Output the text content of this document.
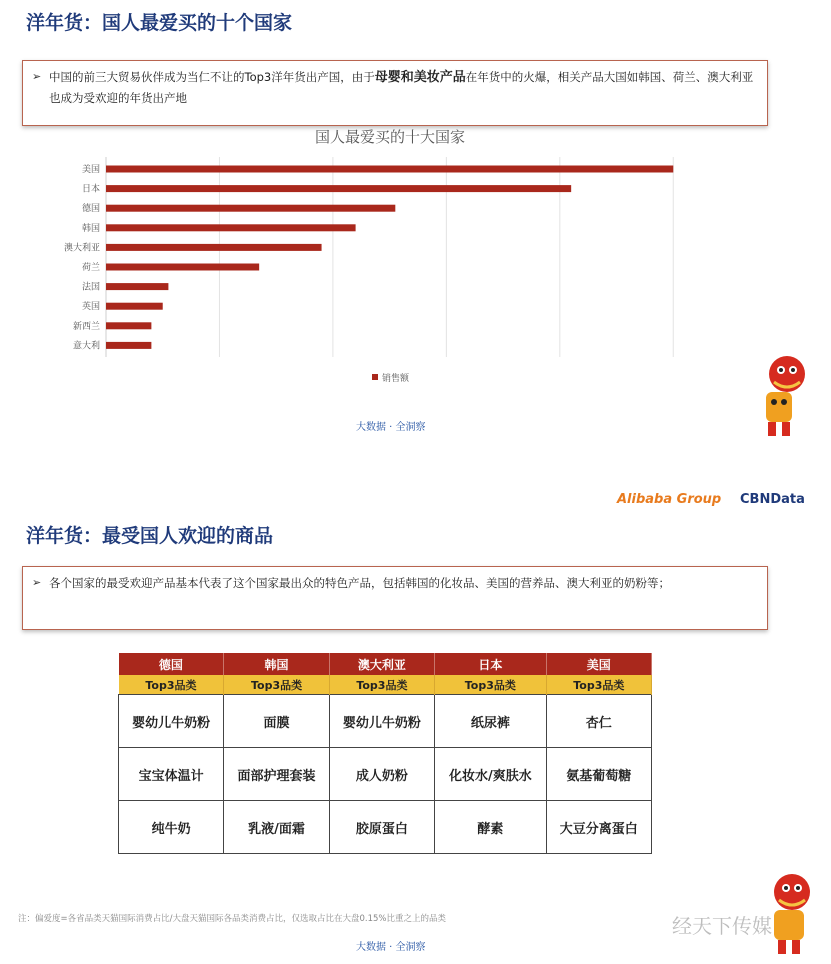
洋年货：国人最爱买的十个国家
➢ 中国的前三大贸易伙伴成为当仁不让的Top3洋年货出产国，由于母婴和美妆产品在年货中的火爆，相关产品大国如韩国、荷兰、澳大利亚也成为受欢迎的年货出产地
国人最爱买的十大国家
美国
日本
德国
韩国
澳大利亚
荷兰
法国
英国
新西兰
意大利
销售额
大数据 · 全洞察
Alibaba Group CBNData
洋年货：最受国人欢迎的商品
➢ 各个国家的最受欢迎产品基本代表了这个国家最出众的特色产品，包括韩国的化妆品、美国的营养品、澳大利亚的奶粉等；
德国	韩国	澳大利亚	日本	美国
Top3品类	Top3品类	Top3品类	Top3品类	Top3品类
婴幼儿牛奶粉	面膜	婴幼儿牛奶粉	纸尿裤	杏仁
宝宝体温计	面部护理套装	成人奶粉	化妆水/爽肤水	氨基葡萄糖
纯牛奶	乳液/面霜	胶原蛋白	酵素	大豆分离蛋白
注：偏爱度=各省品类天猫国际消费占比/大盘天猫国际各品类消费占比，仅选取占比在大盘0.15%比重之上的品类	经天下传媒
大数据 · 全洞察
